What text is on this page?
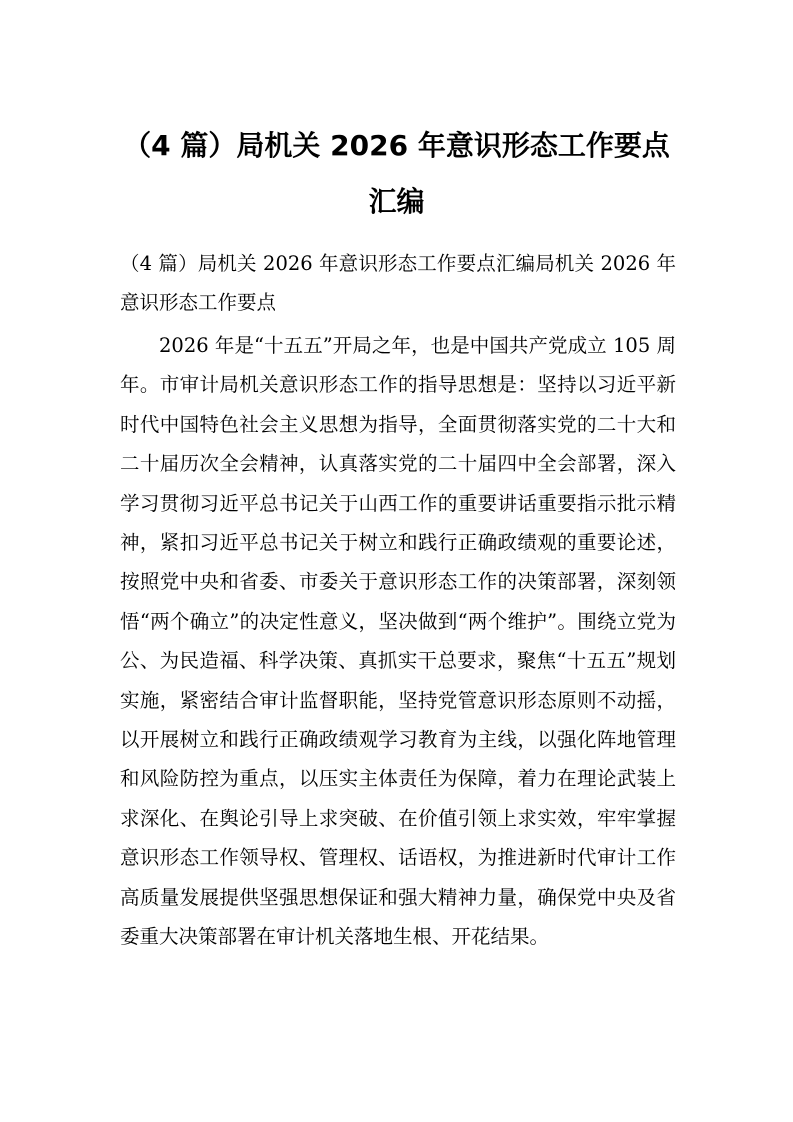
（4 篇）局机关 2026 年意识形态工作要点汇编

（4 篇）局机关 2026 年意识形态工作要点汇编局机关 2026 年意识形态工作要点

2026 年是“十五五”开局之年，也是中国共产党成立 105 周年。市审计局机关意识形态工作的指导思想是：坚持以习近平新时代中国特色社会主义思想为指导，全面贯彻落实党的二十大和二十届历次全会精神，认真落实党的二十届四中全会部署，深入学习贯彻习近平总书记关于山西工作的重要讲话重要指示批示精神，紧扣习近平总书记关于树立和践行正确政绩观的重要论述，按照党中央和省委、市委关于意识形态工作的决策部署，深刻领悟“两个确立”的决定性意义，坚决做到“两个维护”。围绕立党为公、为民造福、科学决策、真抓实干总要求，聚焦“十五五”规划实施，紧密结合审计监督职能，坚持党管意识形态原则不动摇，以开展树立和践行正确政绩观学习教育为主线，以强化阵地管理和风险防控为重点，以压实主体责任为保障，着力在理论武装上求深化、在舆论引导上求突破、在价值引领上求实效，牢牢掌握意识形态工作领导权、管理权、话语权，为推进新时代审计工作高质量发展提供坚强思想保证和强大精神力量，确保党中央及省委重大决策部署在审计机关落地生根、开花结果。
